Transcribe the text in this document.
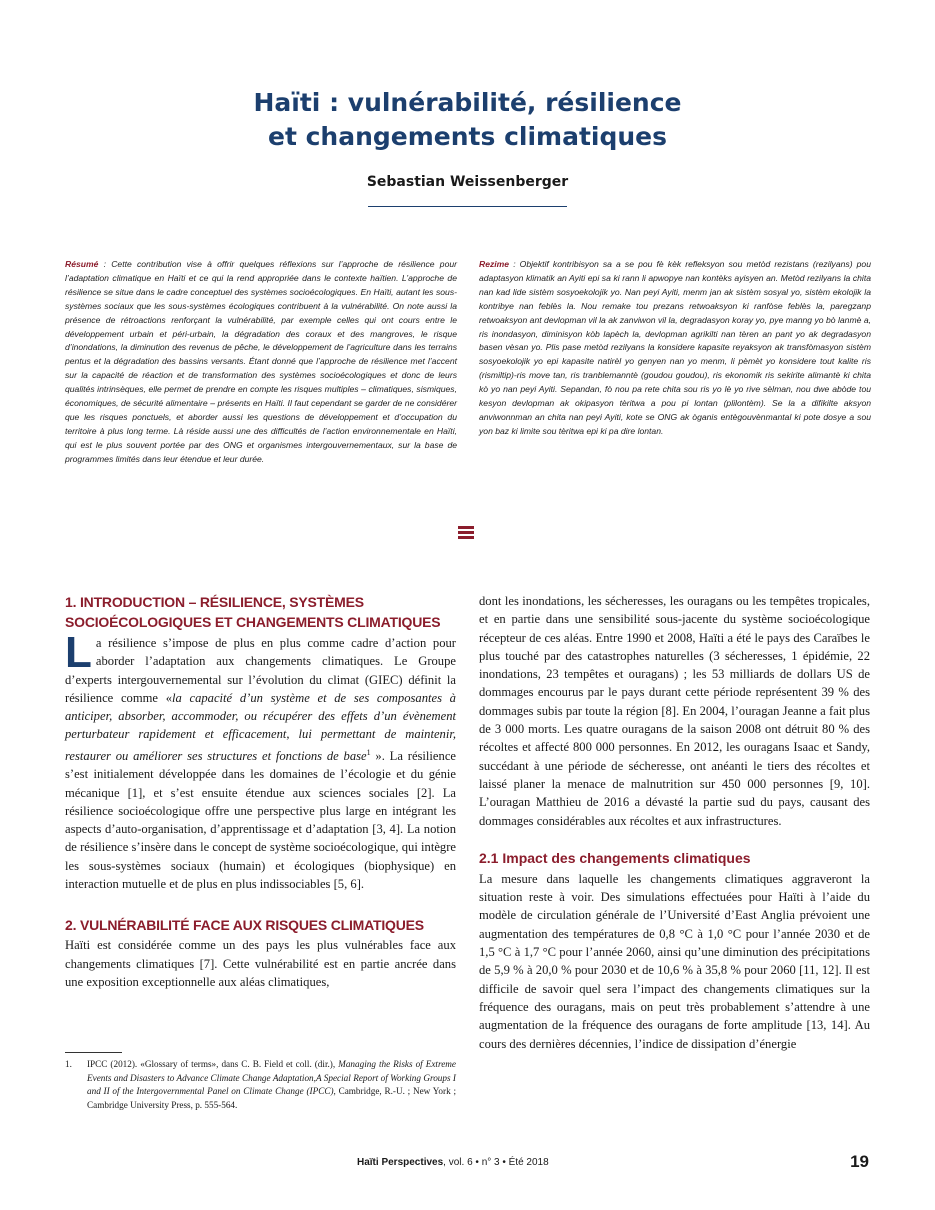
Haïti : vulnérabilité, résilience
et changements climatiques
Sebastian Weissenberger

Résumé : Cette contribution vise à offrir quelques réflexions sur l’approche de résilience pour l’adaptation climatique en Haïti et ce qui la rend appropriée dans le contexte haïtien. L’approche de résilience se situe dans le cadre conceptuel des systèmes socioécologiques. En Haïti, autant les sous-systèmes sociaux que les sous-systèmes écologiques contribuent à la vulnérabilité. On note aussi la présence de rétroactions renforçant la vulnérabilité, par exemple celles qui ont cours entre le développement urbain et péri-urbain, la dégradation des coraux et des mangroves, le risque d’inondations, la diminution des revenus de pêche, le développement de l’agriculture dans les terrains pentus et la dégradation des bassins versants. Étant donné que l’approche de résilience met l’accent sur la capacité de réaction et de transformation des systèmes socioécologiques et donc de leurs qualités intrinsèques, elle permet de prendre en compte les risques multiples – climatiques, sismiques, économiques, de sécurité alimentaire – présents en Haïti. Il faut cependant se garder de ne considérer que les risques ponctuels, et aborder aussi les questions de développement et d’occupation du territoire à plus long terme. Là réside aussi une des difficultés de l’action environnementale en Haïti, qui est le plus souvent portée par des ONG et organismes intergouvernementaux, sur la base de programmes limités dans leur étendue et leur durée.

Rezime : Objektif kontribisyon sa a se pou fè kèk refleksyon sou metòd rezistans (rezilyans) pou adaptasyon klimatik an Ayiti epi sa ki rann li apwopye nan kontèks ayisyen an. Metòd rezilyans la chita nan kad lide sistèm sosyoekolojik yo. Nan peyi Ayiti, menm jan ak sistèm sosyal yo, sistèm ekolojik la kontribye nan feblès la. Nou remake tou prezans retwoaksyon ki ranfòse feblès la, paregzanp retwoaksyon ant devlopman vil la ak zanviwon vil la, degradasyon koray yo, pye manng yo bò lanmè a, ris inondasyon, diminisyon kòb lapèch la, devlopman agrikilti nan tèren an pant yo ak degradasyon basen vèsan yo. Plis pase metòd rezilyans la konsidere kapasite reyaksyon ak transfòmasyon sistèm sosyoekolojik yo epi kapasite natirèl yo genyen nan yo menm, li pèmèt yo konsidere tout kalite ris (rismiltip)-ris move tan, ris tranblemanntè (goudou goudou), ris ekonomik ris sekirite alimantè ki chita kò yo nan peyi Ayiti. Sepandan, fò nou pa rete chita sou ris yo lè yo rive sèlman, nou dwe abòde tou kesyon devlopman ak okipasyon tèritwa a pou pi lontan (plilontèm). Se la a difikilte aksyon anviwonnman an chita nan peyi Ayiti, kote se ONG ak òganis entègouvènmantal ki pote dosye a sou yon baz ki limite sou tèritwa epi ki pa dire lontan.

1. INTRODUCTION – RÉSILIENCE, SYSTÈMES SOCIOÉCOLOGIQUES ET CHANGEMENTS CLIMATIQUES

La résilience s’impose de plus en plus comme cadre d’action pour aborder l’adaptation aux changements climatiques. Le Groupe d’experts intergouvernemental sur l’évolution du climat (GIEC) définit la résilience comme «la capacité d’un système et de ses composantes à anticiper, absorber, accommoder, ou récupérer des effets d’un évènement perturbateur rapidement et efficacement, lui permettant de maintenir, restaurer ou améliorer ses structures et fonctions de base$^1$ ». La résilience s’est initialement développée dans les domaines de l’écologie et du génie mécanique [1], et s’est ensuite étendue aux sciences sociales [2]. La résilience socioécologique offre une perspective plus large en intégrant les aspects d’auto-organisation, d’apprentissage et d’adaptation [3, 4]. La notion de résilience s’insère dans le concept de système socioécologique, qui intègre les sous-systèmes sociaux (humain) et écologiques (biophysique) en interaction mutuelle et de plus en plus indissociables [5, 6].

2. VULNÉRABILITÉ FACE AUX RISQUES CLIMATIQUES

Haïti est considérée comme un des pays les plus vulnérables face aux changements climatiques [7]. Cette vulnérabilité est en partie ancrée dans une exposition exceptionnelle aux aléas climatiques,

dont les inondations, les sécheresses, les ouragans ou les tempêtes tropicales, et en partie dans une sensibilité sous-jacente du système socioécologique récepteur de ces aléas. Entre 1990 et 2008, Haïti a été le pays des Caraïbes le plus touché par des catastrophes naturelles (3 sécheresses, 1 épidémie, 22 inondations, 23 tempêtes et ouragans) ; les 53 milliards de dollars US de dommages encourus par le pays durant cette période représentent 39 % des dommages subis par toute la région [8]. En 2004, l’ouragan Jeanne a fait plus de 3 000 morts. Les quatre ouragans de la saison 2008 ont détruit 80 % des récoltes et affecté 800 000 personnes. En 2012, les ouragans Isaac et Sandy, succédant à une période de sécheresse, ont anéanti le tiers des récoltes et laissé planer la menace de malnutrition sur 450 000 personnes [9, 10]. L’ouragan Matthieu de 2016 a dévasté la partie sud du pays, causant des dommages considérables aux récoltes et aux infrastructures.

2.1 Impact des changements climatiques

La mesure dans laquelle les changements climatiques aggraveront la situation reste à voir. Des simulations effectuées pour Haïti à l’aide du modèle de circulation générale de l’Université d’East Anglia prévoient une augmentation des températures de 0,8 °C à 1,0 °C pour l’année 2030 et de 1,5 °C à 1,7 °C pour l’année 2060, ainsi qu’une diminution des précipitations de 5,9 % à 20,0 % pour 2030 et de 10,6 % à 35,8 % pour 2060 [11, 12]. Il est difficile de savoir quel sera l’impact des changements climatiques sur la fréquence des ouragans, mais on peut très probablement s’attendre à une augmentation de la fréquence des ouragans de forte amplitude [13, 14]. Au cours des dernières décennies, l’indice de dissipation d’énergie

1. IPCC (2012). «Glossary of terms», dans C. B. Field et coll. (dir.), Managing the Risks of Extreme Events and Disasters to Advance Climate Change Adaptation,A Special Report of Working Groups I and II of the Intergovernmental Panel on Climate Change (IPCC), Cambridge, R.-U. ; New York ; Cambridge University Press, p. 555-564.

Haïti Perspectives, vol. 6 • n° 3 • Été 2018	19
